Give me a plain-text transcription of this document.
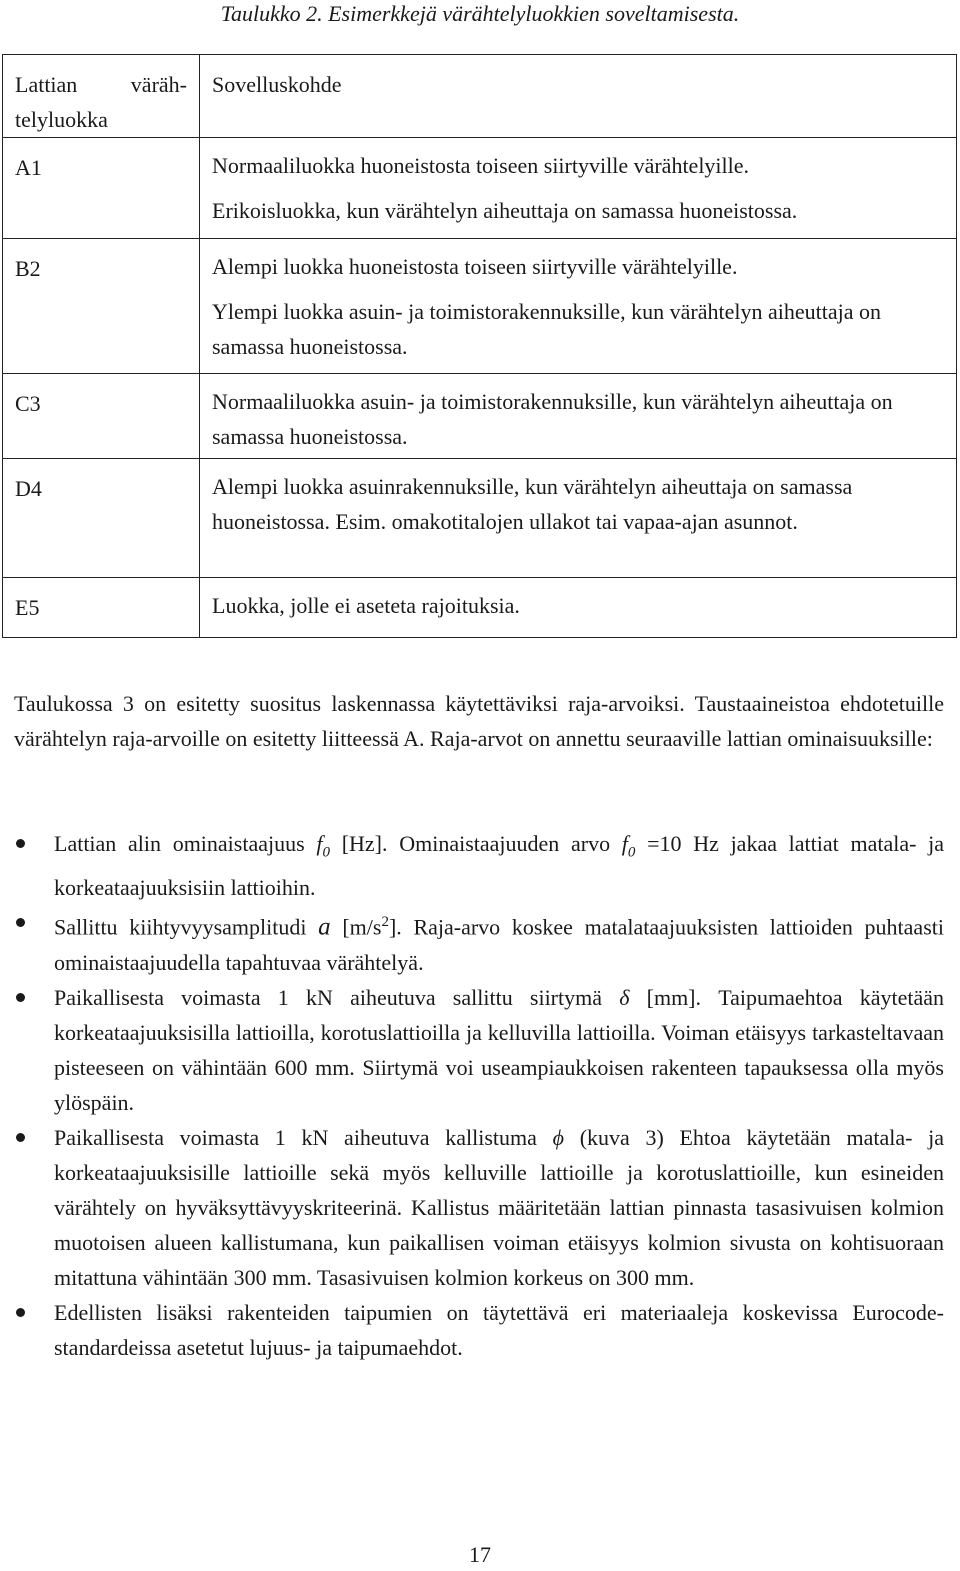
Taulukko 2. Esimerkkejä värähtelyluokkien soveltamisesta.
Lattian väräh-
telyluokka	Sovelluskohde

A1	Normaaliluokka huoneistosta toiseen siirtyville värähtelyille.

Erikoisluokka, kun värähtelyn aiheuttaja on samassa huoneistossa.

B2	Alempi luokka huoneistosta toiseen siirtyville värähtelyille.

Ylempi luokka asuin- ja toimistorakennuksille, kun värähtelyn aiheuttaja on samassa huoneistossa.

C3	Normaaliluokka asuin- ja toimistorakennuksille, kun värähtelyn aiheuttaja on samassa huoneistossa.

D4	Alempi luokka asuinrakennuksille, kun värähtelyn aiheuttaja on samassa huoneistossa. Esim. omakotitalojen ullakot tai vapaa-ajan asunnot.

E5	Luokka, jolle ei aseteta rajoituksia.

Taulukossa 3 on esitetty suositus laskennassa käytettäviksi raja-arvoiksi. Taustaaineistoa ehdotetuille värähtelyn raja-arvoille on esitetty liitteessä A. Raja-arvot on annettu seuraaville lattian ominaisuuksille:

Lattian alin ominaistaajuus $f_0$ [Hz]. Ominaistaajuuden arvo $f_0 =10$ Hz jakaa lattiat matala- ja korkeataajuuksisiin lattioihin.
Sallittu kiihtyvyysamplitudi a $[m/s^2]$. Raja-arvo koskee matalataajuuksisten lattioiden puhtaasti ominaistaajuudella tapahtuvaa värähtelyä.
Paikallisesta voimasta 1 kN aiheutuva sallittu siirtymä δ [mm]. Taipumaehtoa käytetään korkeataajuuksisilla lattioilla, korotuslattioilla ja kelluvilla lattioilla. Voiman etäisyys tarkasteltavaan pisteeseen on vähintään 600 mm. Siirtymä voi useampiaukkoisen rakenteen tapauksessa olla myös ylöspäin.
Paikallisesta voimasta 1 kN aiheutuva kallistuma ϕ (kuva 3) Ehtoa käytetään matala- ja korkeataajuuksisille lattioille sekä myös kelluville lattioille ja korotuslattioille, kun esineiden värähtely on hyväksyttävyyskriteerinä. Kallistus määritetään lattian pinnasta tasasivuisen kolmion muotoisen alueen kallistumana, kun paikallisen voiman etäisyys kolmion sivusta on kohtisuoraan mitattuna vähintään 300 mm. Tasasivuisen kolmion korkeus on 300 mm.
Edellisten lisäksi rakenteiden taipumien on täytettävä eri materiaaleja koskevissa Eurocode-standardeissa asetetut lujuus- ja taipumaehdot.
17
